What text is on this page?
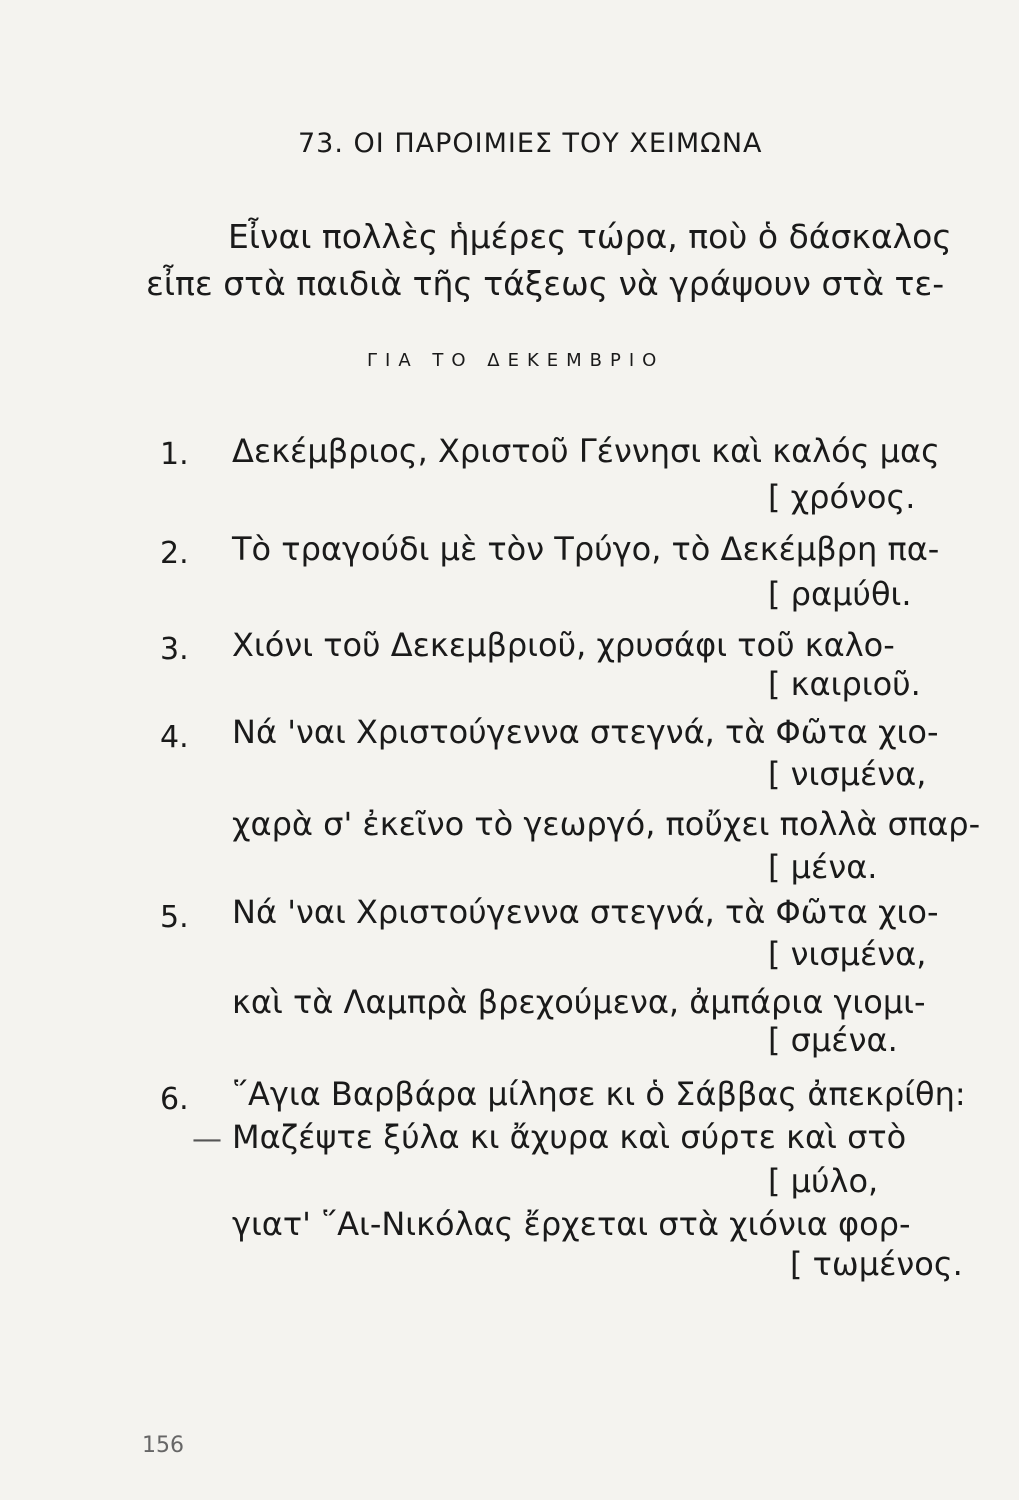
73. ΟΙ ΠΑΡΟΙΜΙΕΣ ΤΟΥ ΧΕΙΜΩΝΑ
Εἶναι πολλὲς ἡμέρες τώρα, ποὺ ὁ δάσκαλος
εἶπε στὰ παιδιὰ τῆς τάξεως νὰ γράψουν στὰ τε-
ΓΙΑ ΤΟ ΔΕΚΕΜΒΡΙΟ
1. Δεκέμβριος, Χριστοῦ Γέννησι καὶ καλός μας
[ χρόνος.
2. Τὸ τραγούδι μὲ τὸν Τρύγο, τὸ Δεκέμβρη πα-
[ ραμύθι.
3. Χιόνι τοῦ Δεκεμβριοῦ, χρυσάφι τοῦ καλο-
[ καιριοῦ.
4. Νά 'ναι Χριστούγεννα στεγνά, τὰ Φῶτα χιο-
[ νισμένα,
χαρὰ σ' ἐκεῖνο τὸ γεωργό, ποὔχει πολλὰ σπαρ-
[ μένα.
5. Νά 'ναι Χριστούγεννα στεγνά, τὰ Φῶτα χιο-
[ νισμένα,
καὶ τὰ Λαμπρὰ βρεχούμενα, ἀμπάρια γιομι-
[ σμένα.
6. ῞Αγια Βαρβάρα μίλησε κι ὁ Σάββας ἀπεκρίθη:
— Μαζέψτε ξύλα κι ἄχυρα καὶ σύρτε καὶ στὸ
[ μύλο,
γιατ' ῞Αι-Νικόλας ἔρχεται στὰ χιόνια φορ-
[ τωμένος.
156
